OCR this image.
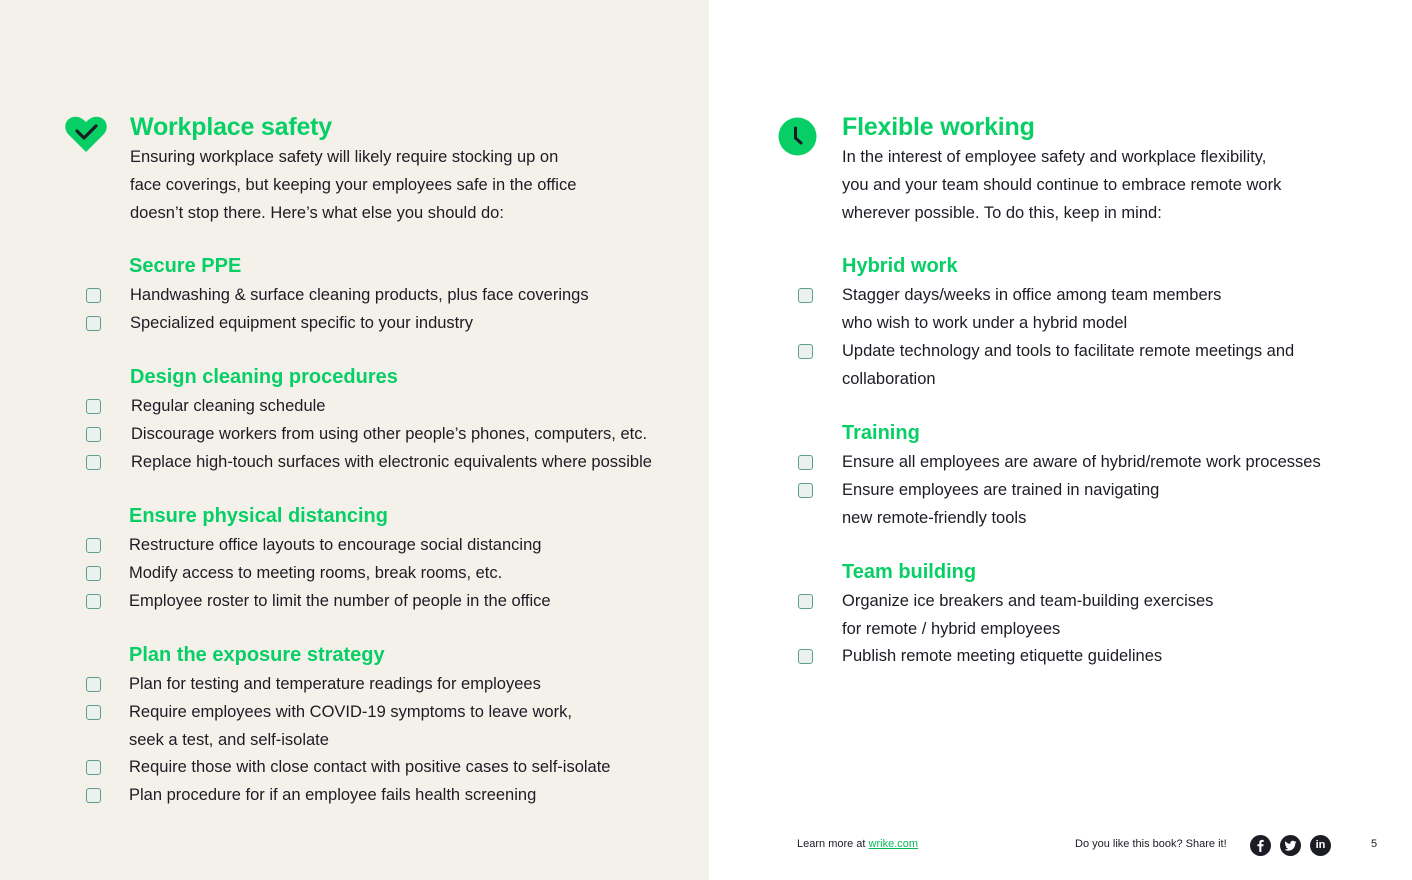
Workplace safety
Ensuring workplace safety will likely require stocking up on
face coverings, but keeping your employees safe in the office
doesn’t stop there. Here’s what else you should do:
Secure PPE
Handwashing & surface cleaning products, plus face coverings
Specialized equipment specific to your industry
Design cleaning procedures
Regular cleaning schedule
Discourage workers from using other people’s phones, computers, etc.
Replace high-touch surfaces with electronic equivalents where possible
Ensure physical distancing
Restructure office layouts to encourage social distancing
Modify access to meeting rooms, break rooms, etc.
Employee roster to limit the number of people in the office
Plan the exposure strategy
Plan for testing and temperature readings for employees
Require employees with COVID-19 symptoms to leave work,
seek a test, and self-isolate
Require those with close contact with positive cases to self-isolate
Plan procedure for if an employee fails health screening
Flexible working
In the interest of employee safety and workplace flexibility,
you and your team should continue to embrace remote work
wherever possible. To do this, keep in mind:
Hybrid work
Stagger days/weeks in office among team members
who wish to work under a hybrid model
Update technology and tools to facilitate remote meetings and
collaboration
Training
Ensure all employees are aware of hybrid/remote work processes
Ensure employees are trained in navigating
new remote-friendly tools
Team building
Organize ice breakers and team-building exercises
for remote / hybrid employees
Publish remote meeting etiquette guidelines
Learn more at wrike.com	Do you like this book? Share it!	in	5
